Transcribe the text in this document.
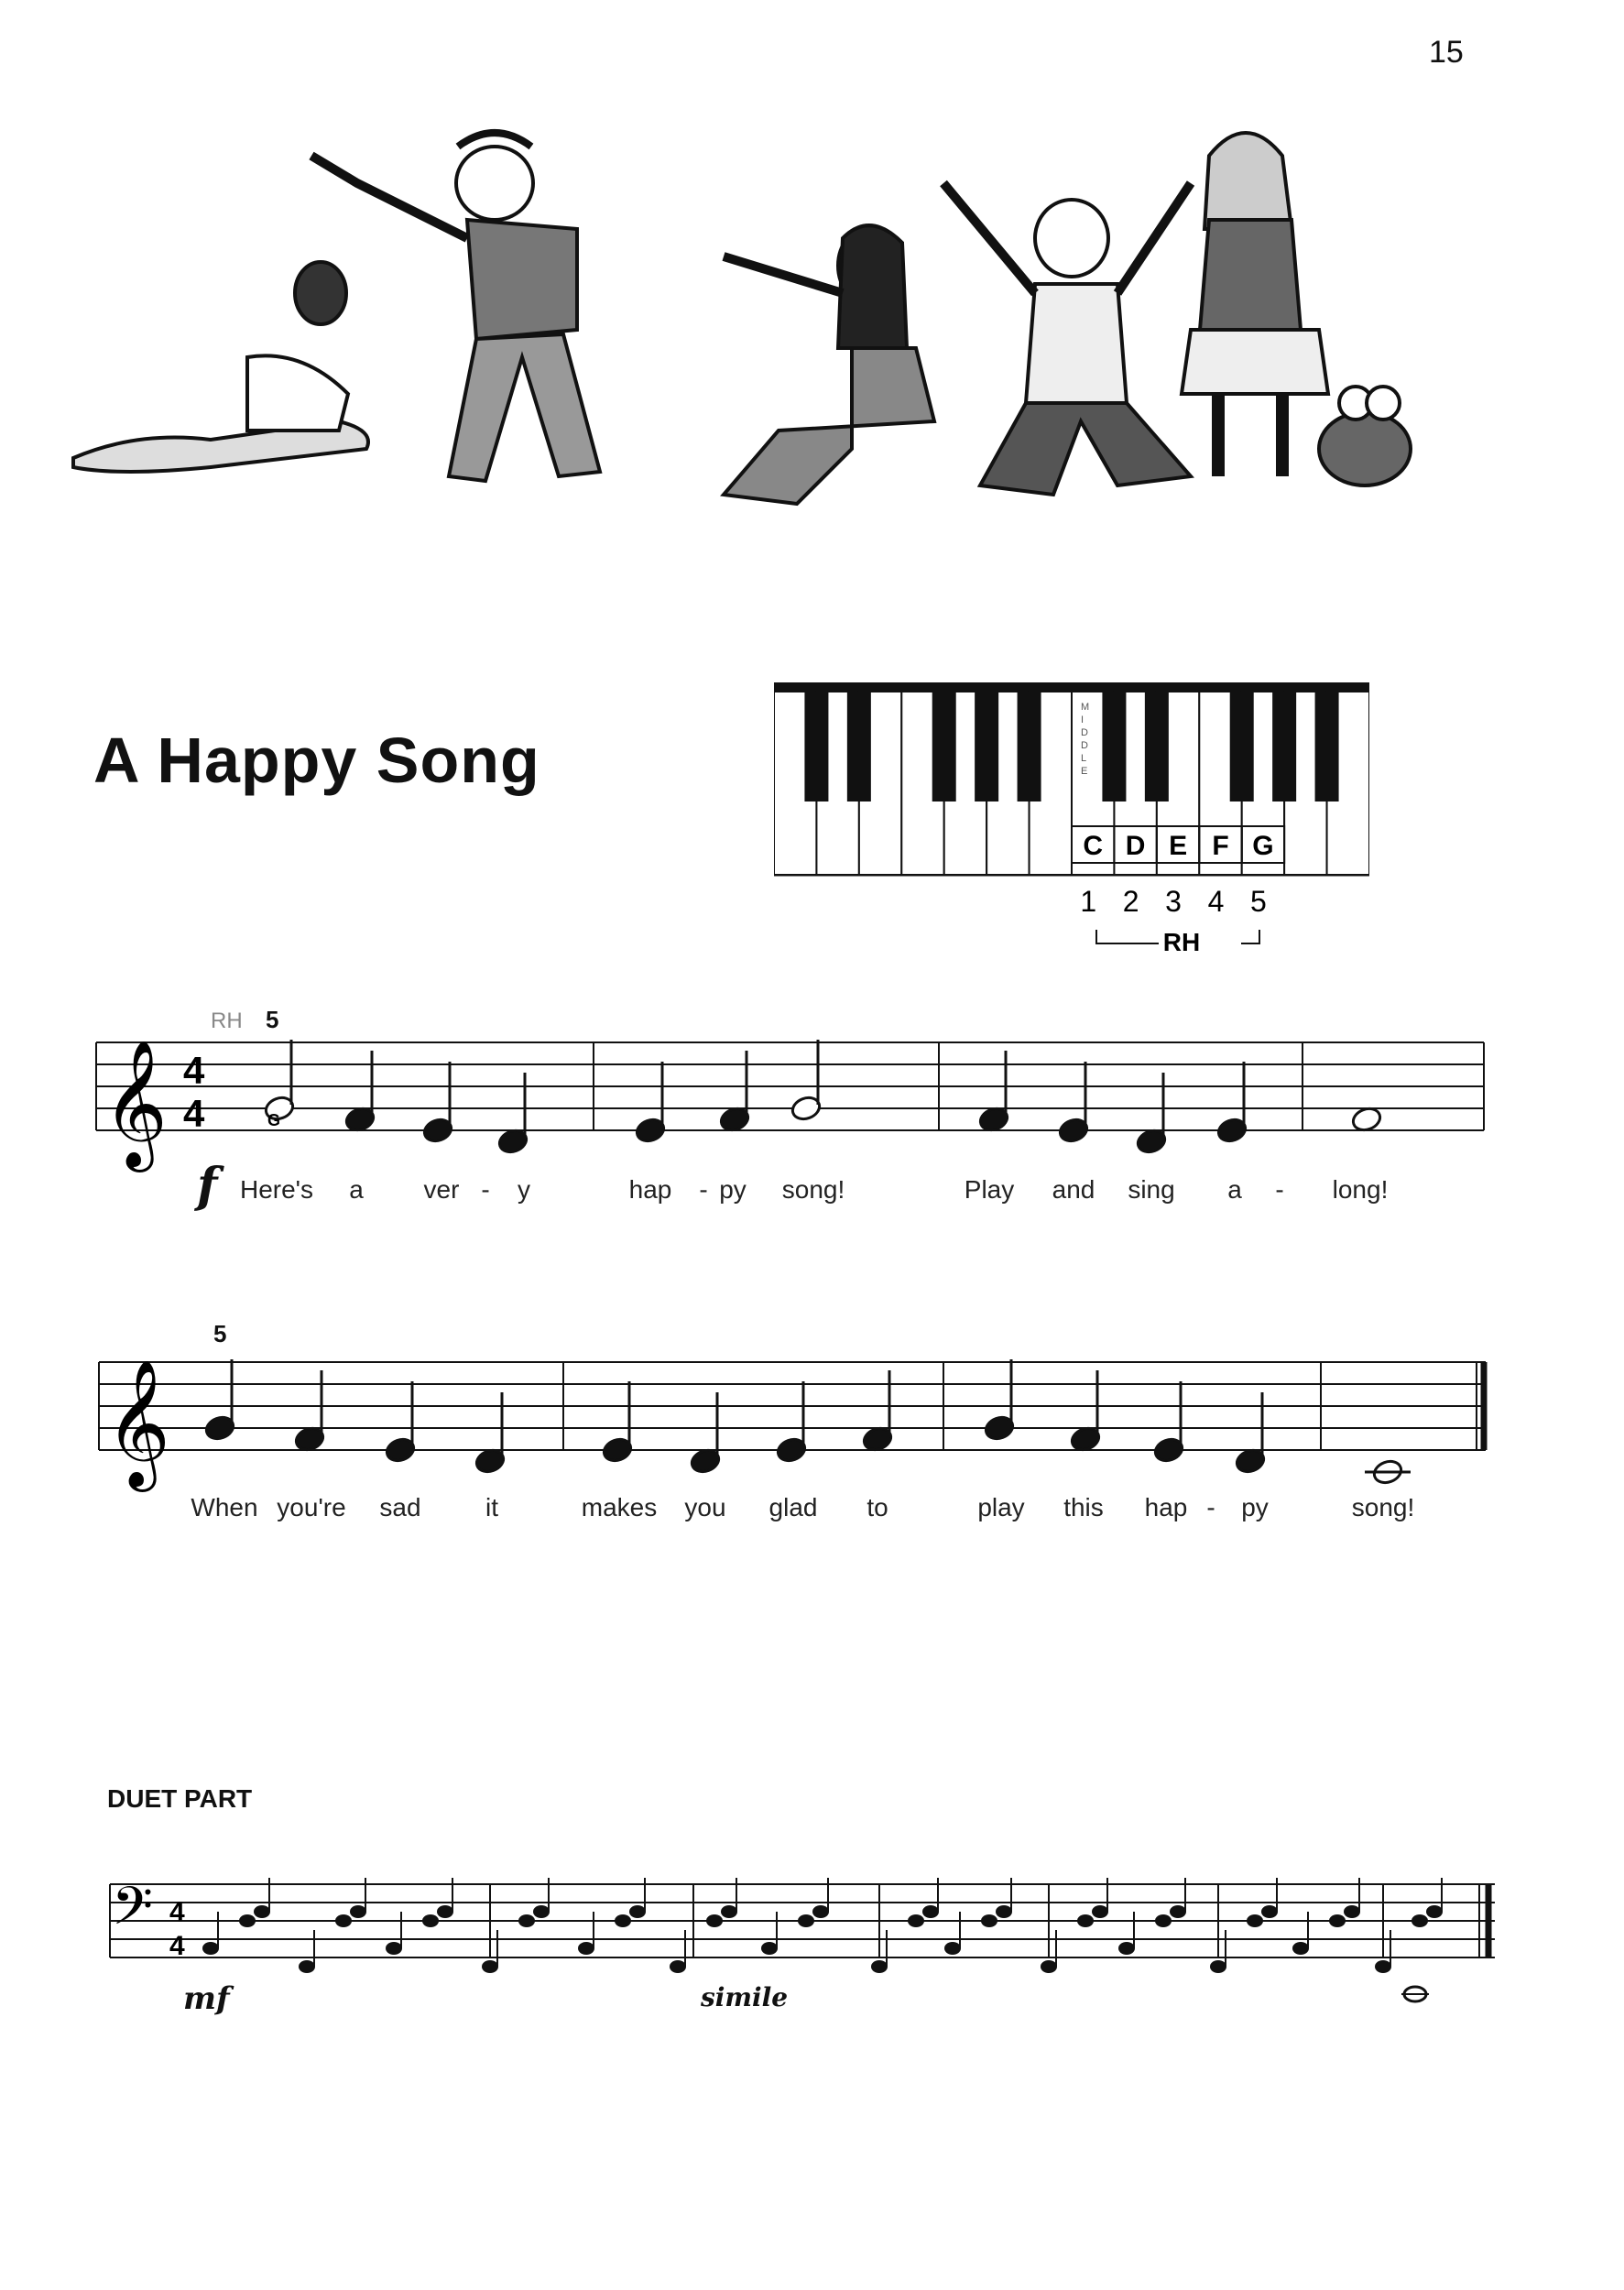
15
A Happy Song
M I D D L E
C D E F G
1 2 3 4 5
RH
𝄞 4
4
RH 5
f
G
Here's a ver - y	hap - py song!	Play and sing a - long!
𝄞
5
When you're sad	it	makes you glad to	play this hap - py	song!
𝄢 4
4
mf	simile
DUET PART
